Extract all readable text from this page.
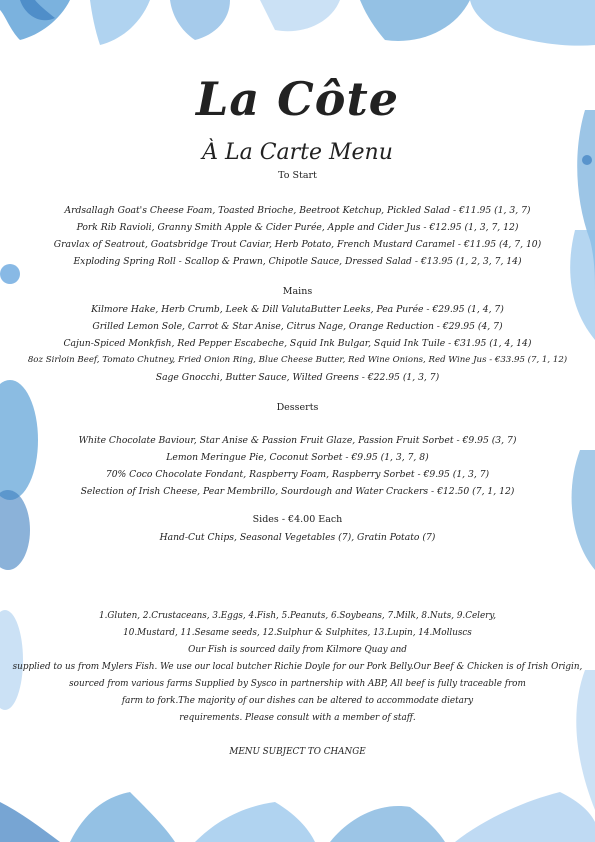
La Côte
À La Carte Menu
To Start
Ardsallagh Goat's Cheese Foam, Toasted Brioche, Beetroot Ketchup, Pickled Salad - €11.95 (1, 3, 7)
Pork Rib Ravioli, Granny Smith Apple & Cider Purée, Apple and Cider Jus - €12.95 (1, 3, 7, 12)
Gravlax of Seatrout, Goatsbridge Trout Caviar, Herb Potato, French Mustard Caramel - €11.95 (4, 7, 10)
Exploding Spring Roll - Scallop & Prawn, Chipotle Sauce, Dressed Salad - €13.95 (1, 2, 3, 7, 14)
Mains
Kilmore Hake, Herb Crumb, Leek & Dill ValutaButter Leeks, Pea Purée - €29.95 (1, 4, 7)
Grilled Lemon Sole, Carrot & Star Anise, Citrus Nage, Orange Reduction - €29.95 (4, 7)
Cajun-Spiced Monkfish, Red Pepper Escabeche, Squid Ink Bulgar, Squid Ink Tuile - €31.95 (1, 4, 14)
8oz Sirloin Beef, Tomato Chutney, Fried Onion Ring, Blue Cheese Butter, Red Wine Onions, Red Wine Jus - €33.95 (7, 1, 12)
Sage Gnocchi, Butter Sauce, Wilted Greens - €22.95 (1, 3, 7)
Desserts
White Chocolate Baviour, Star Anise & Passion Fruit Glaze, Passion Fruit Sorbet - €9.95 (3, 7)
Lemon Meringue Pie, Coconut Sorbet - €9.95 (1, 3, 7, 8)
70% Coco Chocolate Fondant, Raspberry Foam, Raspberry Sorbet - €9.95 (1, 3, 7)
Selection of Irish Cheese, Pear Membrillo, Sourdough and Water Crackers - €12.50 (7, 1, 12)
Sides - €4.00 Each
Hand-Cut Chips, Seasonal Vegetables (7), Gratin Potato (7)
1.Gluten, 2.Crustaceans, 3.Eggs, 4.Fish, 5.Peanuts, 6.Soybeans, 7.Milk, 8.Nuts, 9.Celery,
10.Mustard, 11.Sesame seeds, 12.Sulphur & Sulphites, 13.Lupin, 14.Molluscs
Our Fish is sourced daily from Kilmore Quay and
supplied to us from Mylers Fish. We use our local butcher Richie Doyle for our Pork Belly.Our Beef & Chicken is of Irish Origin,
sourced from various farms Supplied by Sysco in partnership with ABP, All beef is fully traceable from
farm to fork.The majority of our dishes can be altered to accommodate dietary
requirements. Please consult with a member of staff.
MENU SUBJECT TO CHANGE
